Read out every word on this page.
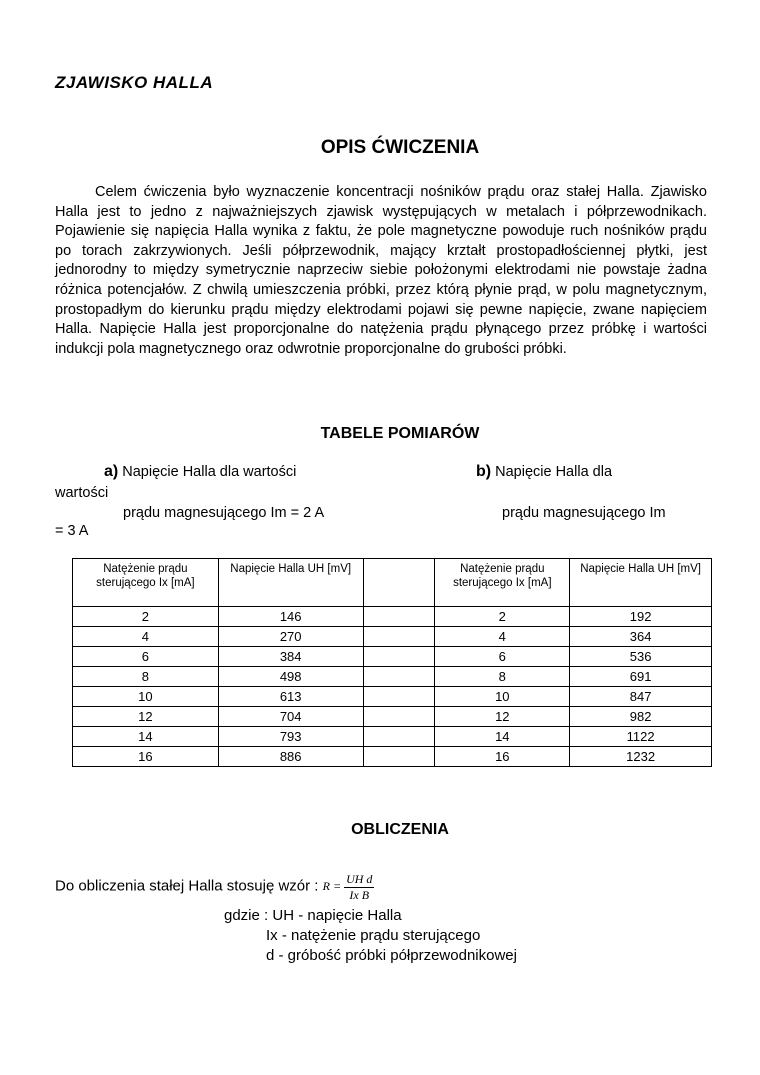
ZJAWISKO HALLA
OPIS ĆWICZENIA
Celem ćwiczenia było wyznaczenie koncentracji nośników prądu oraz stałej Halla. Zjawisko Halla jest to jedno z najważniejszych zjawisk występujących w metalach i półprzewodnikach. Pojawienie się napięcia Halla wynika z faktu, że pole magnetyczne powoduje ruch nośników prądu po torach zakrzywionych. Jeśli półprzewodnik, mający krztałt prostopadłościennej płytki, jest jednorodny to między symetrycznie naprzeciw siebie położonymi elektrodami nie powstaje żadna różnica potencjałów. Z chwilą umieszczenia próbki, przez którą płynie prąd, w polu magnetycznym, prostopadłym do kierunku prądu między elektrodami pojawi się pewne napięcie, zwane napięciem Halla. Napięcie Halla jest proporcjonalne do natężenia prądu płynącego przez próbkę i wartości indukcji pola magnetycznego oraz odwrotnie proporcjonalne do grubości próbki.
TABELE POMIARÓW
a) Napięcie Halla dla wartości
wartości
prądu magnesującego Im = 2 A
b) Napięcie Halla dla
prądu magnesującego Im
= 3 A
Natężenie prądu sterującego Ix [mA]	Napięcie Halla UH [mV]		Natężenie prądu sterującego Ix [mA]	Napięcie Halla UH [mV]
2	146		2	192
4	270		4	364
6	384		6	536
8	498		8	691
10	613		10	847
12	704		12	982
14	793		14	1122
16	886		16	1232
OBLICZENIA
Do obliczenia stałej Halla stosuję wzór : $R = \frac{\text{UH d}}{\text{Ix B}}$
gdzie : UH - napięcie Halla
Ix - natężenie prądu sterującego
d - gróbość próbki półprzewodnikowej
